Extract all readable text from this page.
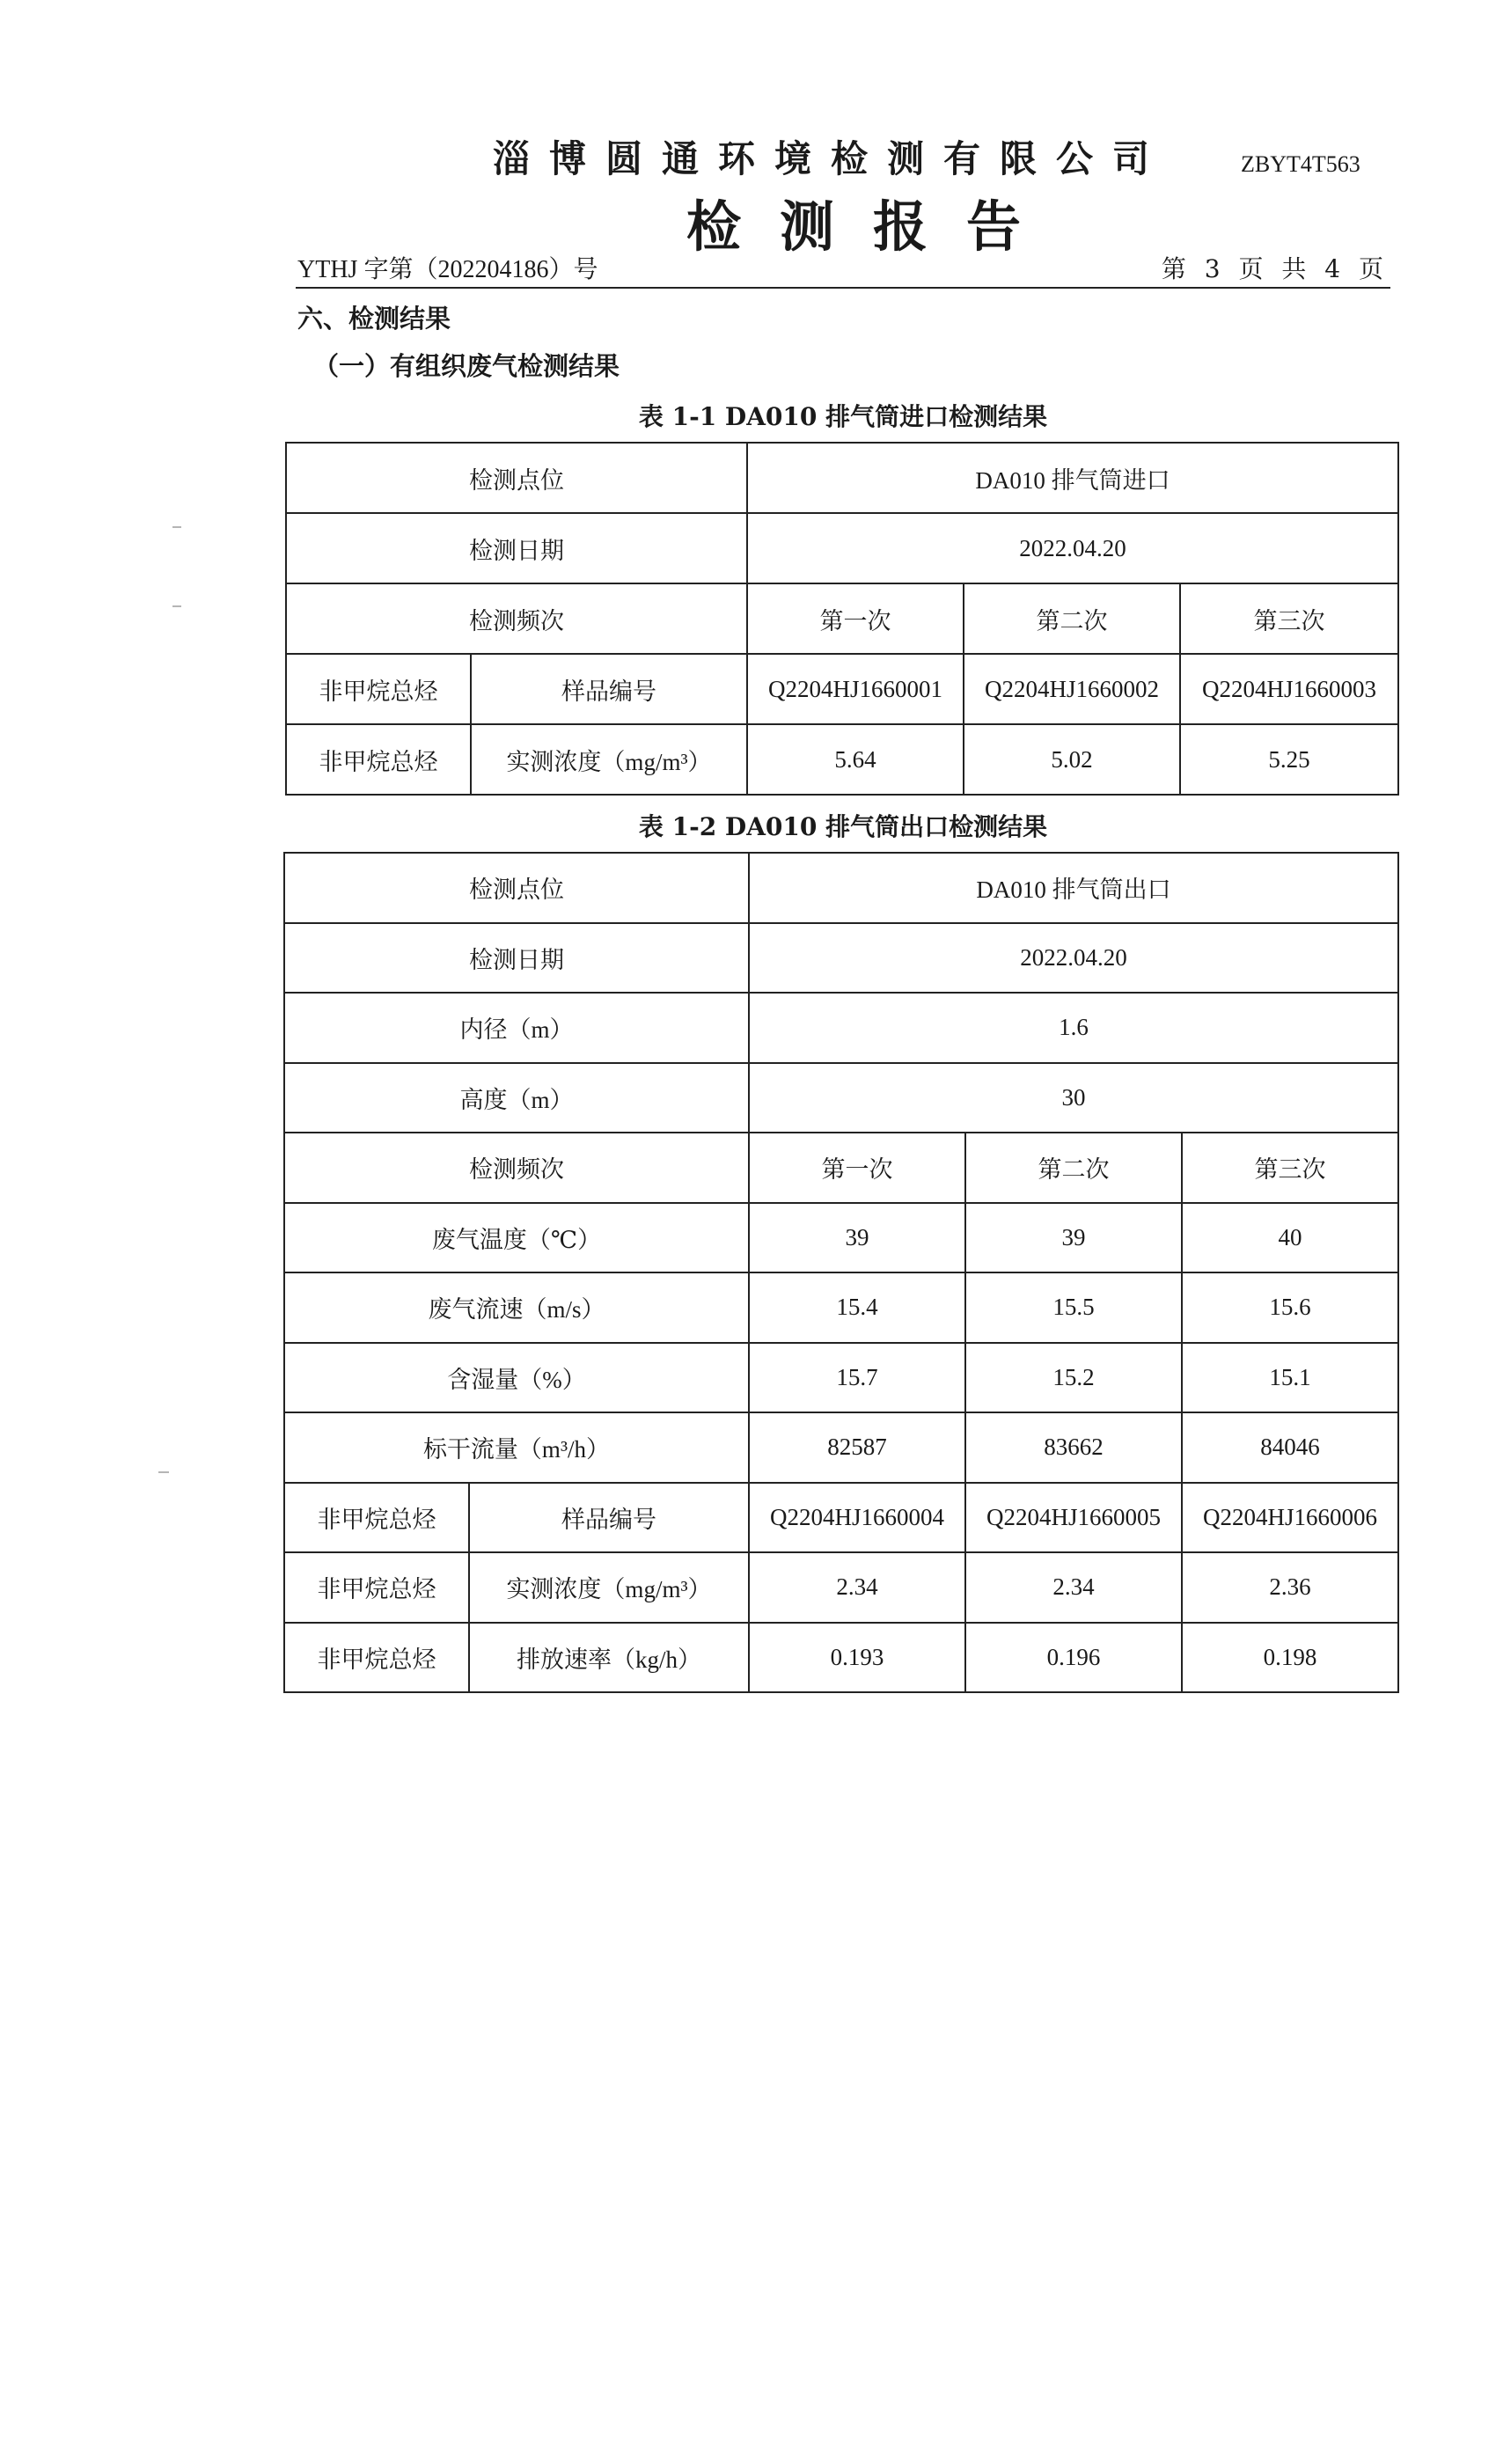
淄博圆通环境检测有限公司	ZBYT4T563
检测报告
YTHJ 字第（202204186）号	第 3 页 共 4 页
六、检测结果
（一）有组织废气检测结果
表 1-1 DA010 排气筒进口检测结果
检测点位		DA010 排气筒进口		
检测日期		2022.04.20		
检测频次		第一次	第二次	第三次
非甲烷总烃	样品编号	Q2204HJ1660001	Q2204HJ1660002	Q2204HJ1660003
非甲烷总烃	实测浓度（mg/m³）	5.64	5.02	5.25
表 1-2 DA010 排气筒出口检测结果
检测点位		DA010 排气筒出口		
检测日期		2022.04.20		
内径（m）		1.6		
高度（m）		30		
检测频次		第一次	第二次	第三次
废气温度（℃）		39	39	40
废气流速（m/s）		15.4	15.5	15.6
含湿量（%）		15.7	15.2	15.1
标干流量（m³/h）		82587	83662	84046
非甲烷总烃	样品编号	Q2204HJ1660004	Q2204HJ1660005	Q2204HJ1660006
非甲烷总烃	实测浓度（mg/m³）	2.34	2.34	2.36
非甲烷总烃	排放速率（kg/h）	0.193	0.196	0.198
